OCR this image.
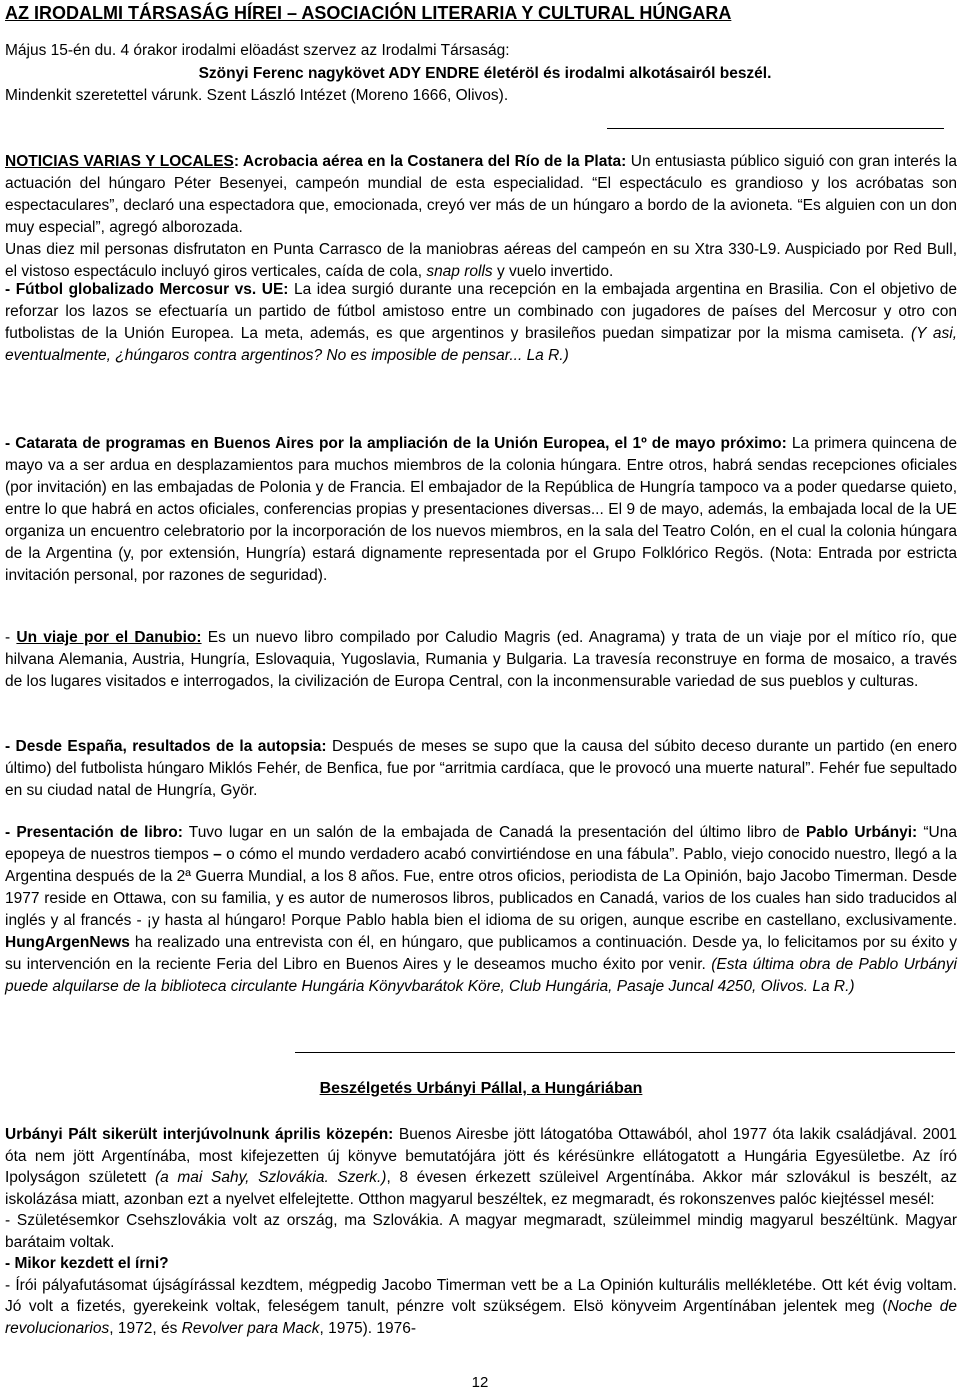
AZ IRODALMI TÁRSASÁG HÍREI – ASOCIACIÓN LITERARIA Y CULTURAL HÚNGARA
Május 15-én du. 4 órakor irodalmi elöadást szervez az Irodalmi Társaság:
Szönyi Ferenc nagykövet ADY ENDRE életéröl és irodalmi alkotásairól beszél.
Mindenkit szeretettel várunk. Szent László Intézet (Moreno 1666, Olivos).

NOTICIAS VARIAS Y LOCALES: Acrobacia aérea en la Costanera del Río de la Plata: Un entusiasta público siguió con gran interés la actuación del húngaro Péter Besenyei, campeón mundial de esta especialidad. “El espectáculo es grandioso y los acróbatas son espectaculares”, declaró una espectadora que, emocionada, creyó ver más de un húngaro a bordo de la avioneta. “Es alguien con un don muy especial”, agregó alborozada.

Unas diez mil personas disfrutaton en Punta Carrasco de la maniobras aéreas del campeón en su Xtra 330-L9. Auspiciado por Red Bull, el vistoso espectáculo incluyó giros verticales, caída de cola, snap rolls y vuelo invertido.

- Fútbol globalizado Mercosur vs. UE: La idea surgió durante una recepción en la embajada argentina en Brasilia. Con el objetivo de reforzar los lazos se efectuaría un partido de fútbol amistoso entre un combinado con jugadores de países del Mercosur y otro con futbolistas de la Unión Europea. La meta, además, es que argentinos y brasileños puedan simpatizar por la misma camiseta. (Y asi, eventualmente, ¿húngaros contra argentinos? No es imposible de pensar... La R.)

- Catarata de programas en Buenos Aires por la ampliación de la Unión Europea, el 1º de mayo próximo: La primera quincena de mayo va a ser ardua en desplazamientos para muchos miembros de la colonia húngara. Entre otros, habrá sendas recepciones oficiales (por invitación) en las embajadas de Polonia y de Francia. El embajador de la República de Hungría tampoco va a poder quedarse quieto, entre lo que habrá en actos oficiales, conferencias propias y presentaciones diversas... El 9 de mayo, además, la embajada local de la UE organiza un encuentro celebratorio por la incorporación de los nuevos miembros, en la sala del Teatro Colón, en el cual la colonia húngara de la Argentina (y, por extensión, Hungría) estará dignamente representada por el Grupo Folklórico Regös. (Nota: Entrada por estricta invitación personal, por razones de seguridad).

- Un viaje por el Danubio: Es un nuevo libro compilado por Caludio Magris (ed. Anagrama) y trata de un viaje por el mítico río, que hilvana Alemania, Austria, Hungría, Eslovaquia, Yugoslavia, Rumania y Bulgaria. La travesía reconstruye en forma de mosaico, a través de los lugares visitados e interrogados, la civilización de Europa Central, con la inconmensurable variedad de sus pueblos y culturas.

- Desde España, resultados de la autopsia: Después de meses se supo que la causa del súbito deceso durante un partido (en enero último) del futbolista húngaro Miklós Fehér, de Benfica, fue por “arritmia cardíaca, que le provocó una muerte natural”. Fehér fue sepultado en su ciudad natal de Hungría, Györ.

- Presentación de libro: Tuvo lugar en un salón de la embajada de Canadá la presentación del último libro de Pablo Urbányi: “Una epopeya de nuestros tiempos – o cómo el mundo verdadero acabó convirtiéndose en una fábula”. Pablo, viejo conocido nuestro, llegó a la Argentina después de la 2ª Guerra Mundial, a los 8 años. Fue, entre otros oficios, periodista de La Opinión, bajo Jacobo Timerman. Desde 1977 reside en Ottawa, con su familia, y es autor de numerosos libros, publicados en Canadá, varios de los cuales han sido traducidos al inglés y al francés - ¡y hasta al húngaro! Porque Pablo habla bien el idioma de su origen, aunque escribe en castellano, exclusivamente. HungArgenNews ha realizado una entrevista con él, en húngaro, que publicamos a continuación. Desde ya, lo felicitamos por su éxito y su intervención en la reciente Feria del Libro en Buenos Aires y le deseamos mucho éxito por venir. (Esta última obra de Pablo Urbányi puede alquilarse de la biblioteca circulante Hungária Könyvbarátok Köre, Club Hungária, Pasaje Juncal 4250, Olivos. La R.)

Beszélgetés Urbányi Pállal, a Hungáriában

Urbányi Pált sikerült interjúvolnunk április közepén: Buenos Airesbe jött látogatóba Ottawából, ahol 1977 óta lakik családjával. 2001 óta nem jött Argentínába, most kifejezetten új könyve bemutatójára jött és kérésünkre ellátogatott a Hungária Egyesületbe. Az író Ipolyságon született (a mai Sahy, Szlovákia. Szerk.), 8 évesen érkezett szüleivel Argentínába. Akkor már szlovákul is beszélt, az iskolázása miatt, azonban ezt a nyelvet elfelejtette. Otthon magyarul beszéltek, ez megmaradt, és rokonszenves palóc kiejtéssel mesél:

- Születésemkor Csehszlovákia volt az ország, ma Szlovákia. A magyar megmaradt, szüleimmel mindig magyarul beszéltünk. Magyar barátaim voltak.

- Mikor kezdett el írni?

- Írói pályafutásomat újságírással kezdtem, mégpedig Jacobo Timerman vett be a La Opinión kulturális mellékletébe. Ott két évig voltam. Jó volt a fizetés, gyerekeink voltak, feleségem tanult, pénzre volt szükségem. Elsö könyveim Argentínában jelentek meg (Noche de revolucionarios, 1972, és Revolver para Mack, 1975). 1976-

12
